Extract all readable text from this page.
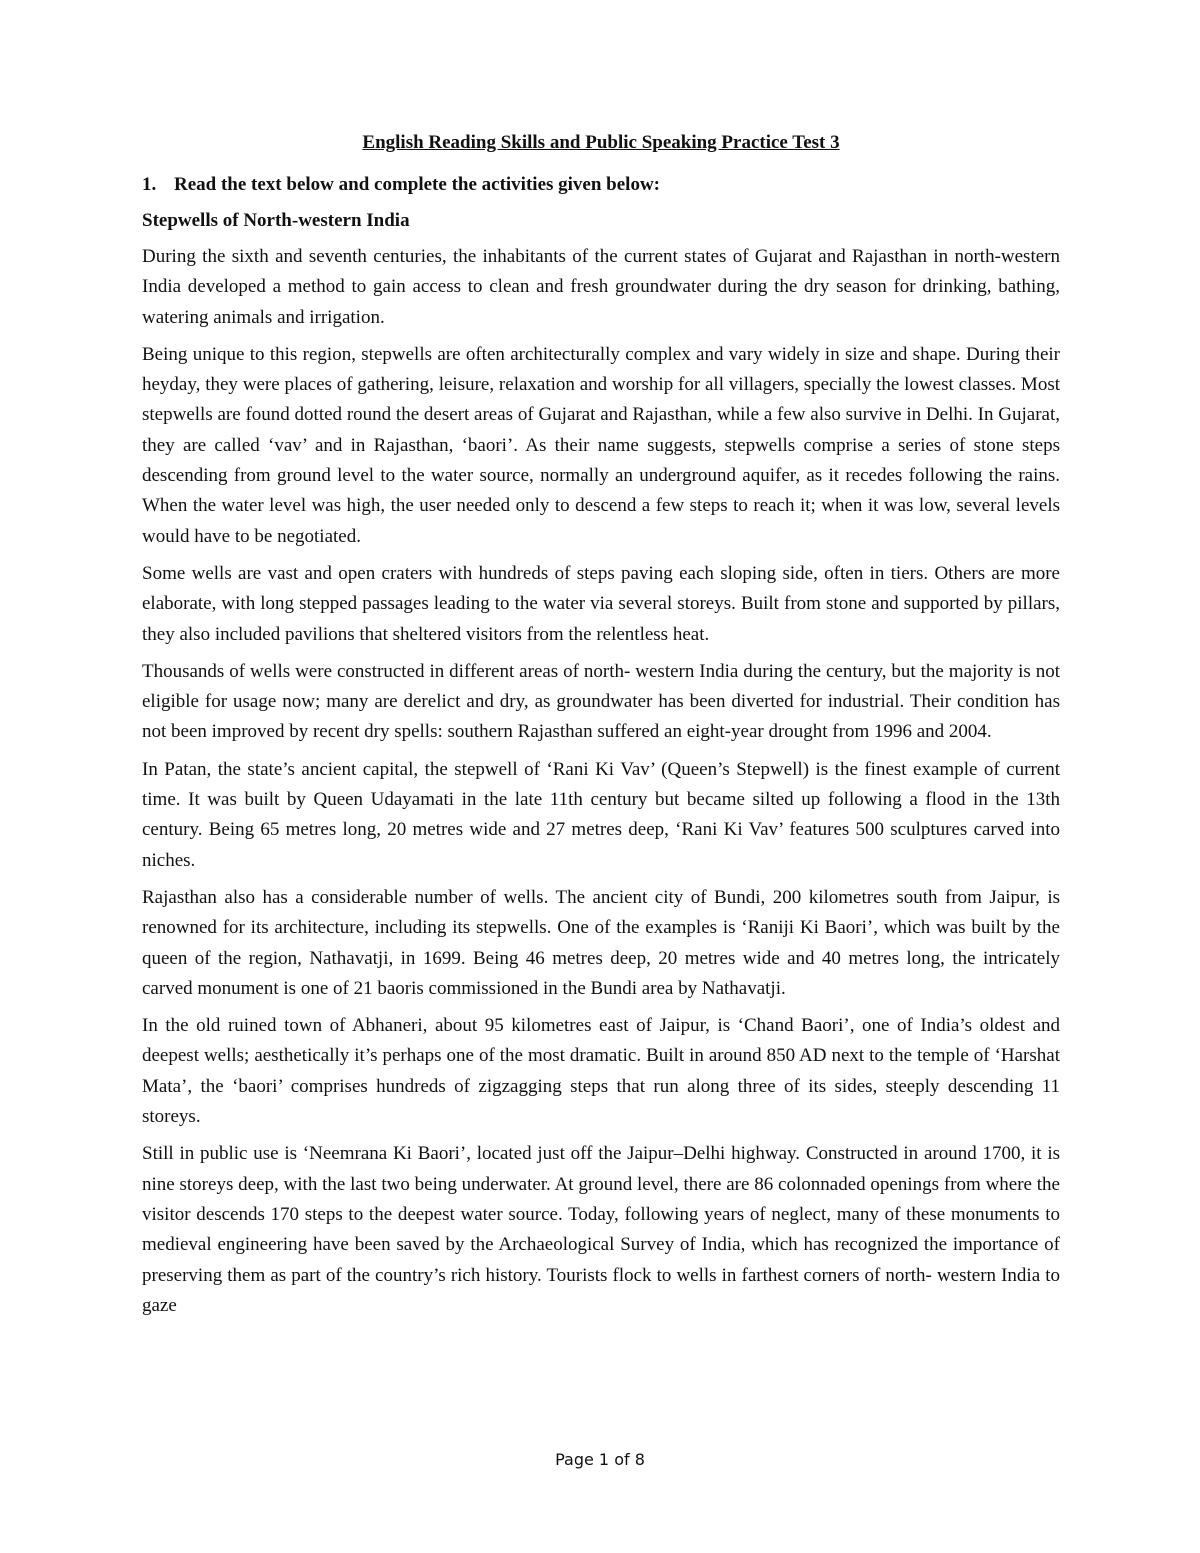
English Reading Skills and Public Speaking Practice Test 3
1. Read the text below and complete the activities given below:
Stepwells of North-western India

During the sixth and seventh centuries, the inhabitants of the current states of Gujarat and Rajasthan in north-western India developed a method to gain access to clean and fresh groundwater during the dry season for drinking, bathing, watering animals and irrigation.

Being unique to this region, stepwells are often architecturally complex and vary widely in size and shape. During their heyday, they were places of gathering, leisure, relaxation and worship for all villagers, specially the lowest classes. Most stepwells are found dotted round the desert areas of Gujarat and Rajasthan, while a few also survive in Delhi. In Gujarat, they are called ‘vav’ and in Rajasthan, ‘baori’. As their name suggests, stepwells comprise a series of stone steps descending from ground level to the water source, normally an underground aquifer, as it recedes following the rains. When the water level was high, the user needed only to descend a few steps to reach it; when it was low, several levels would have to be negotiated.

Some wells are vast and open craters with hundreds of steps paving each sloping side, often in tiers. Others are more elaborate, with long stepped passages leading to the water via several storeys. Built from stone and supported by pillars, they also included pavilions that sheltered visitors from the relentless heat.

Thousands of wells were constructed in different areas of north- western India during the century, but the majority is not eligible for usage now; many are derelict and dry, as groundwater has been diverted for industrial. Their condition has not been improved by recent dry spells: southern Rajasthan suffered an eight-year drought from 1996 and 2004.

In Patan, the state’s ancient capital, the stepwell of ‘Rani Ki Vav’ (Queen’s Stepwell) is the finest example of current time. It was built by Queen Udayamati in the late 11th century but became silted up following a flood in the 13th century. Being 65 metres long, 20 metres wide and 27 metres deep, ‘Rani Ki Vav’ features 500 sculptures carved into niches.

Rajasthan also has a considerable number of wells. The ancient city of Bundi, 200 kilometres south from Jaipur, is renowned for its architecture, including its stepwells. One of the examples is ‘Raniji Ki Baori’, which was built by the queen of the region, Nathavatji, in 1699. Being 46 metres deep, 20 metres wide and 40 metres long, the intricately carved monument is one of 21 baoris commissioned in the Bundi area by Nathavatji.

In the old ruined town of Abhaneri, about 95 kilometres east of Jaipur, is ‘Chand Baori’, one of India’s oldest and deepest wells; aesthetically it’s perhaps one of the most dramatic. Built in around 850 AD next to the temple of ‘Harshat Mata’, the ‘baori’ comprises hundreds of zigzagging steps that run along three of its sides, steeply descending 11 storeys.

Still in public use is ‘Neemrana Ki Baori’, located just off the Jaipur–Delhi highway. Constructed in around 1700, it is nine storeys deep, with the last two being underwater. At ground level, there are 86 colonnaded openings from where the visitor descends 170 steps to the deepest water source. Today, following years of neglect, many of these monuments to medieval engineering have been saved by the Archaeological Survey of India, which has recognized the importance of preserving them as part of the country’s rich history. Tourists flock to wells in farthest corners of north- western India to gaze

Page 1 of 8
